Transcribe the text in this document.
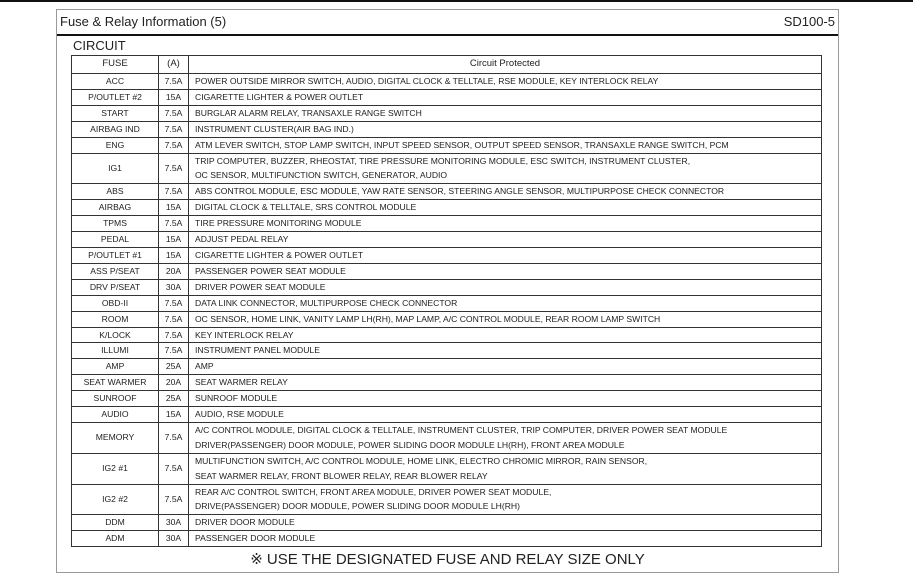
Fuse & Relay Information (5)	SD100-5
CIRCUIT
FUSE	(A)	Circuit Protected
ACC	7.5A	POWER OUTSIDE MIRROR SWITCH, AUDIO, DIGITAL CLOCK & TELLTALE, RSE MODULE, KEY INTERLOCK RELAY
P/OUTLET #2	15A	CIGARETTE LIGHTER & POWER OUTLET
START	7.5A	BURGLAR ALARM RELAY, TRANSAXLE RANGE SWITCH
AIRBAG IND	7.5A	INSTRUMENT CLUSTER(AIR BAG IND.)
ENG	7.5A	ATM LEVER SWITCH, STOP LAMP SWITCH, INPUT SPEED SENSOR, OUTPUT SPEED SENSOR, TRANSAXLE RANGE SWITCH, PCM
IG1	7.5A	TRIP COMPUTER, BUZZER, RHEOSTAT, TIRE PRESSURE MONITORING MODULE, ESC SWITCH, INSTRUMENT CLUSTER,
		OC SENSOR, MULTIFUNCTION SWITCH, GENERATOR, AUDIO
ABS	7.5A	ABS CONTROL MODULE, ESC MODULE, YAW RATE SENSOR, STEERING ANGLE SENSOR, MULTIPURPOSE CHECK CONNECTOR
AIRBAG	15A	DIGITAL CLOCK & TELLTALE, SRS CONTROL MODULE
TPMS	7.5A	TIRE PRESSURE MONITORING MODULE
PEDAL	15A	ADJUST PEDAL RELAY
P/OUTLET #1	15A	CIGARETTE LIGHTER & POWER OUTLET
ASS P/SEAT	20A	PASSENGER POWER SEAT MODULE
DRV P/SEAT	30A	DRIVER POWER SEAT MODULE
OBD-II	7.5A	DATA LINK CONNECTOR, MULTIPURPOSE CHECK CONNECTOR
ROOM	7.5A	OC SENSOR, HOME LINK, VANITY LAMP LH(RH), MAP LAMP, A/C CONTROL MODULE, REAR ROOM LAMP SWITCH
K/LOCK	7.5A	KEY INTERLOCK RELAY
ILLUMI	7.5A	INSTRUMENT PANEL MODULE
AMP	25A	AMP
SEAT WARMER	20A	SEAT WARMER RELAY
SUNROOF	25A	SUNROOF MODULE
AUDIO	15A	AUDIO, RSE MODULE
MEMORY	7.5A	A/C CONTROL MODULE, DIGITAL CLOCK & TELLTALE, INSTRUMENT CLUSTER, TRIP COMPUTER, DRIVER POWER SEAT MODULE
		DRIVER(PASSENGER) DOOR MODULE, POWER SLIDING DOOR MODULE LH(RH), FRONT AREA MODULE
IG2 #1	7.5A	MULTIFUNCTION SWITCH, A/C CONTROL MODULE, HOME LINK, ELECTRO CHROMIC MIRROR, RAIN SENSOR,
		SEAT WARMER RELAY, FRONT BLOWER RELAY, REAR BLOWER RELAY
IG2 #2	7.5A	REAR A/C CONTROL SWITCH, FRONT AREA MODULE, DRIVER POWER SEAT MODULE,
		DRIVE(PASSENGER) DOOR MODULE, POWER SLIDING DOOR MODULE LH(RH)
DDM	30A	DRIVER DOOR MODULE
ADM	30A	PASSENGER DOOR MODULE
※ USE THE DESIGNATED FUSE AND RELAY SIZE ONLY
